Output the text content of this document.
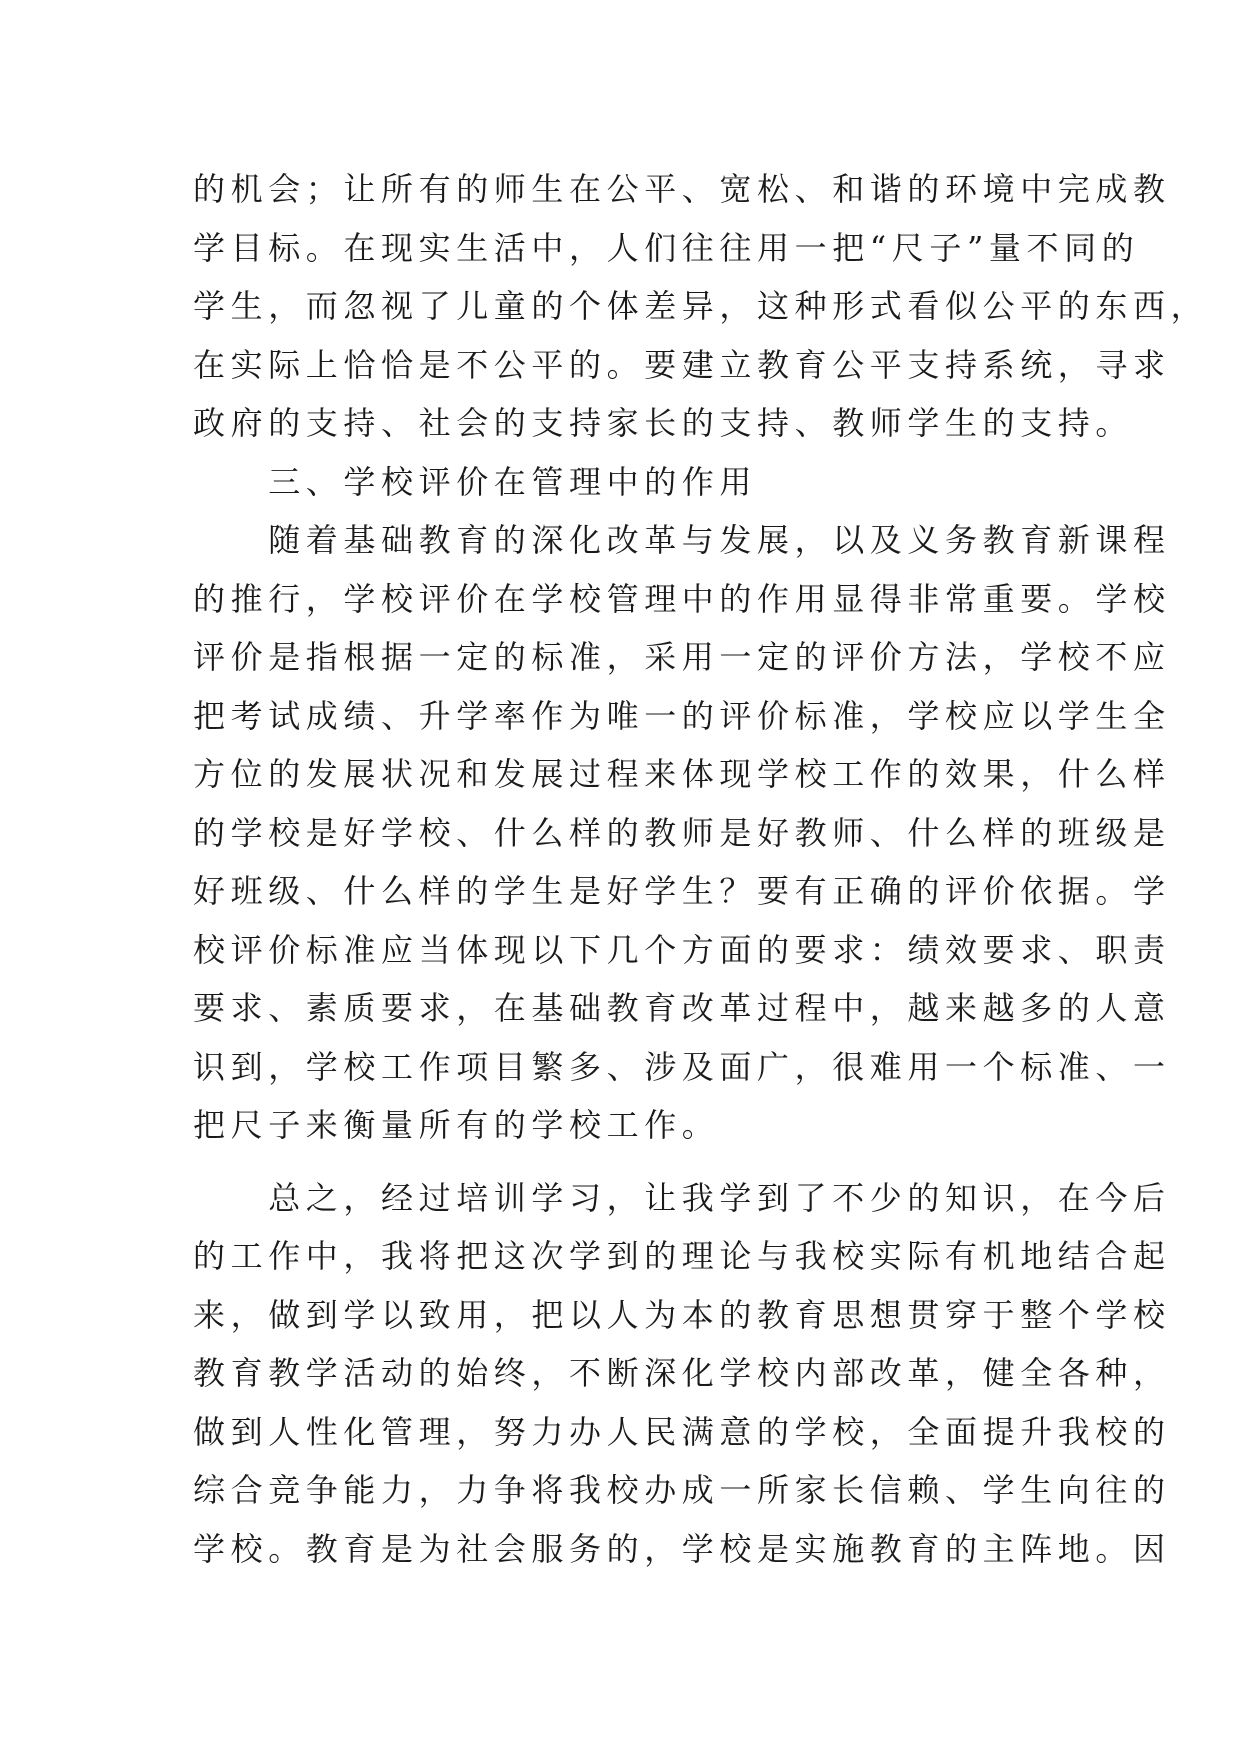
的机会；让所有的师生在公平、宽松、和谐的环境中完成教
学目标。在现实生活中，人们往往用一把“尺子”量不同的
学生，而忽视了儿童的个体差异，这种形式看似公平的东西，
在实际上恰恰是不公平的。要建立教育公平支持系统，寻求
政府的支持、社会的支持家长的支持、教师学生的支持。
　　三、学校评价在管理中的作用
　　随着基础教育的深化改革与发展，以及义务教育新课程
的推行，学校评价在学校管理中的作用显得非常重要。学校
评价是指根据一定的标准，采用一定的评价方法，学校不应
把考试成绩、升学率作为唯一的评价标准，学校应以学生全
方位的发展状况和发展过程来体现学校工作的效果，什么样
的学校是好学校、什么样的教师是好教师、什么样的班级是
好班级、什么样的学生是好学生？要有正确的评价依据。学
校评价标准应当体现以下几个方面的要求：绩效要求、职责
要求、素质要求，在基础教育改革过程中，越来越多的人意
识到，学校工作项目繁多、涉及面广，很难用一个标准、一
把尺子来衡量所有的学校工作。
　　总之，经过培训学习，让我学到了不少的知识，在今后
的工作中，我将把这次学到的理论与我校实际有机地结合起
来，做到学以致用，把以人为本的教育思想贯穿于整个学校
教育教学活动的始终，不断深化学校内部改革，健全各种，
做到人性化管理，努力办人民满意的学校，全面提升我校的
综合竞争能力，力争将我校办成一所家长信赖、学生向往的
学校。教育是为社会服务的，学校是实施教育的主阵地。因
